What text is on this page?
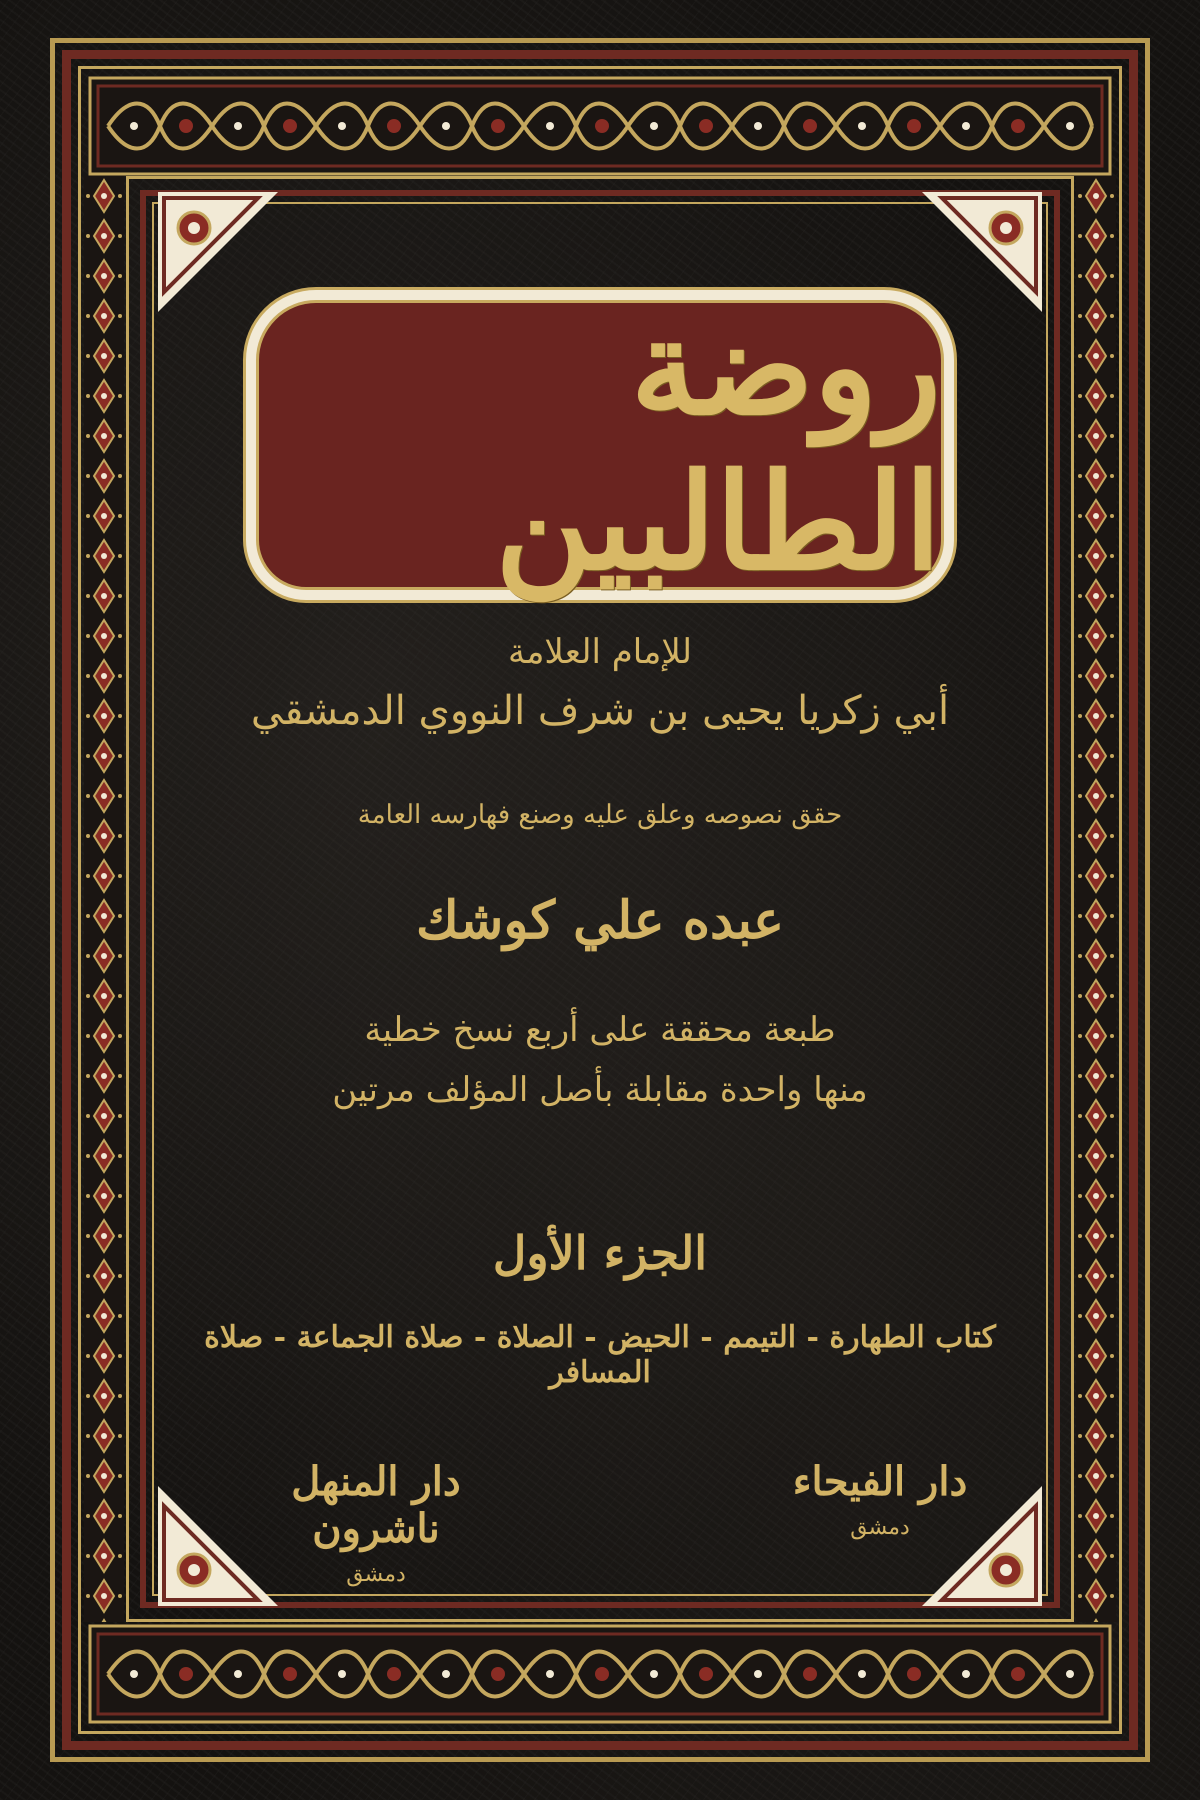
روضة الطالبين
للإمام العلامة
أبي زكريا يحيى بن شرف النووي الدمشقي
حقق نصوصه وعلق عليه وصنع فهارسه العامة
عبده علي كوشك
طبعة محققة على أربع نسخ خطية
منها واحدة مقابلة بأصل المؤلف مرتين
الجزء الأول
كتاب الطهارة - التيمم - الحيض - الصلاة - صلاة الجماعة - صلاة المسافر
دار الفيحاء
دمشق
دار المنهل ناشرون
دمشق
